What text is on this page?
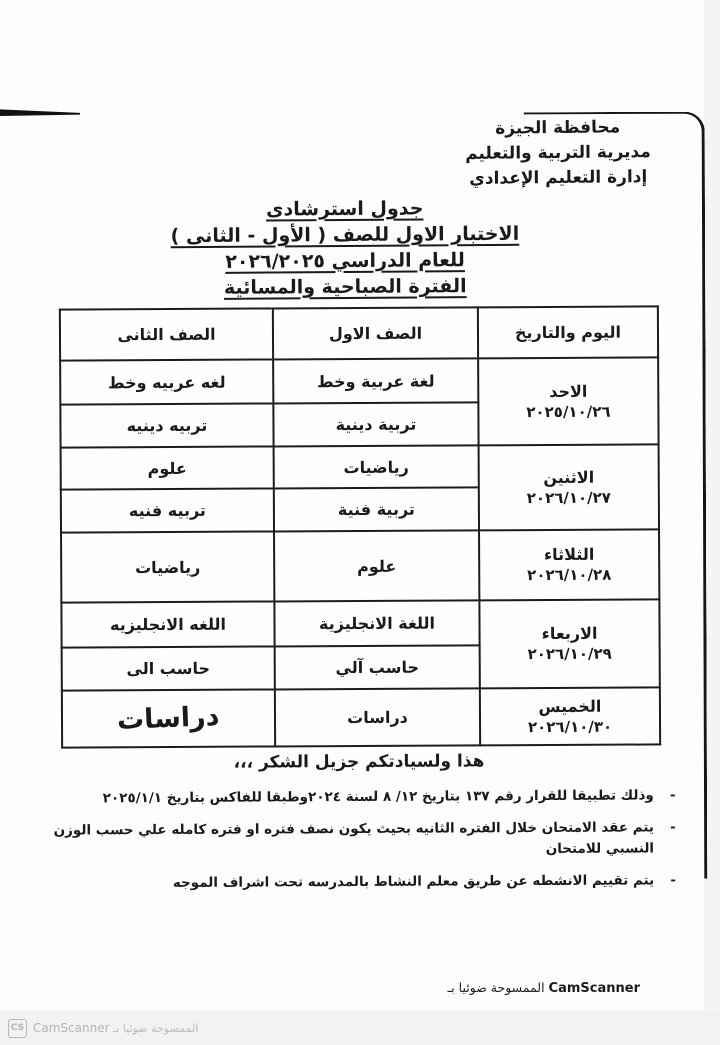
محافظة الجيزة
مديرية التربية والتعليم
إدارة التعليم الإعدادي
جدول استرشادى
الاختبار الاول للصف ( الأول - الثانى )
للعام الدراسي ٢٠٢٦/٢٠٢٥
الفترة الصباحية والمسائية
اليوم والتاريخ	الصف الاول	الصف الثانى

الاحد
٢٠٢٥/١٠/٢٦	لغة عربية وخط	لغه عربيه وخط
	تربية دينية	تربيه دينيه

الاثنين
٢٠٢٦/١٠/٢٧	رياضيات	علوم
	تربية فنية	تربيه فنيه

الثلاثاء
٢٠٢٦/١٠/٢٨	علوم	رياضيات

الاربعاء
٢٠٢٦/١٠/٢٩	اللغة الانجليزية	اللغه الانجليزيه
	حاسب آلي	حاسب الى

الخميس
٢٠٢٦/١٠/٣٠	دراسات	دراسات
هذا ولسيادتكم جزيل الشكر ،،،
-
وذلك تطبيقا للقرار رقم ١٣٧ بتاريخ ١٢/ ٨ لسنة ٢٠٢٤وطبقا للفاكس بتاريخ ٢٠٢٥/١/١
-
يتم عقد الامتحان خلال الفتره الثانيه بحيث يكون نصف فتره او فتره كامله علي حسب الوزن النسبي للامتحان
-
يتم تقييم الانشطه عن طريق معلم النشاط بالمدرسه تحت اشراف الموجه
الممسوحة ضوئيا بـ CamScanner
CS	الممسوحة ضوئيا بـ CamScanner
